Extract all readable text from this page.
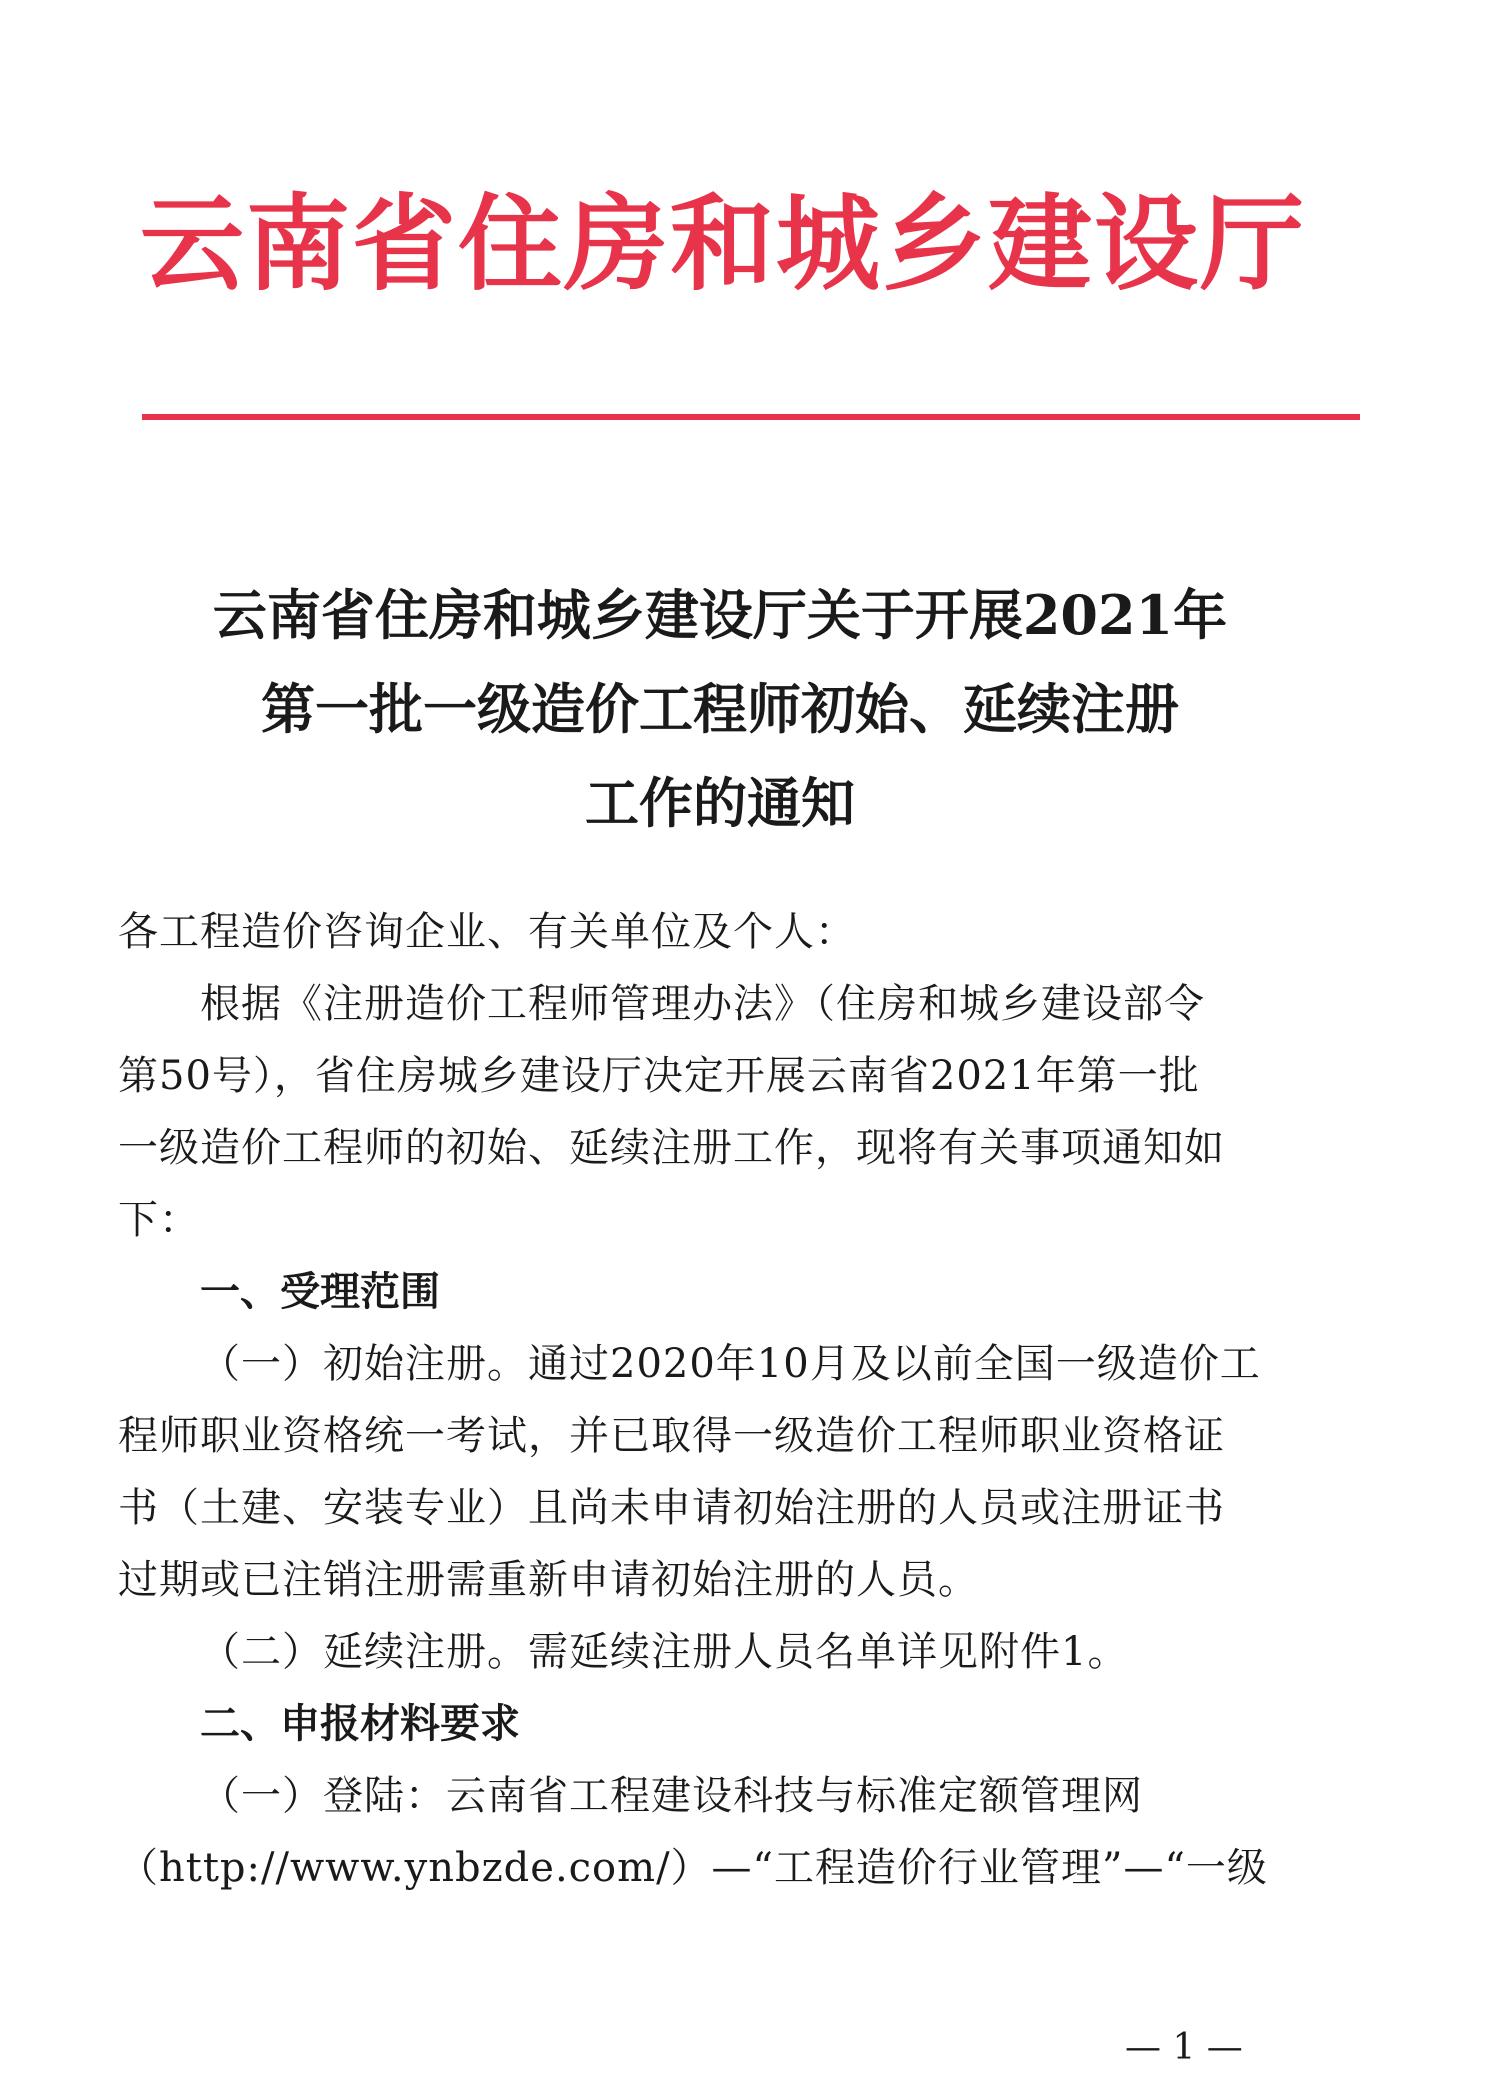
云南省住房和城乡建设厅
云南省住房和城乡建设厅关于开展2021年
第一批一级造价工程师初始、延续注册
工作的通知
各工程造价咨询企业、有关单位及个人：
根据《注册造价工程师管理办法》（住房和城乡建设部令
第50号），省住房城乡建设厅决定开展云南省2021年第一批
一级造价工程师的初始、延续注册工作，现将有关事项通知如
下：
一、受理范围
（一）初始注册。通过2020年10月及以前全国一级造价工
程师职业资格统一考试，并已取得一级造价工程师职业资格证
书（土建、安装专业）且尚未申请初始注册的人员或注册证书
过期或已注销注册需重新申请初始注册的人员。
（二）延续注册。需延续注册人员名单详见附件1。
二、申报材料要求
（一）登陆：云南省工程建设科技与标准定额管理网
（http://www.ynbzde.com/）—“工程造价行业管理”—“一级
— 1 —
